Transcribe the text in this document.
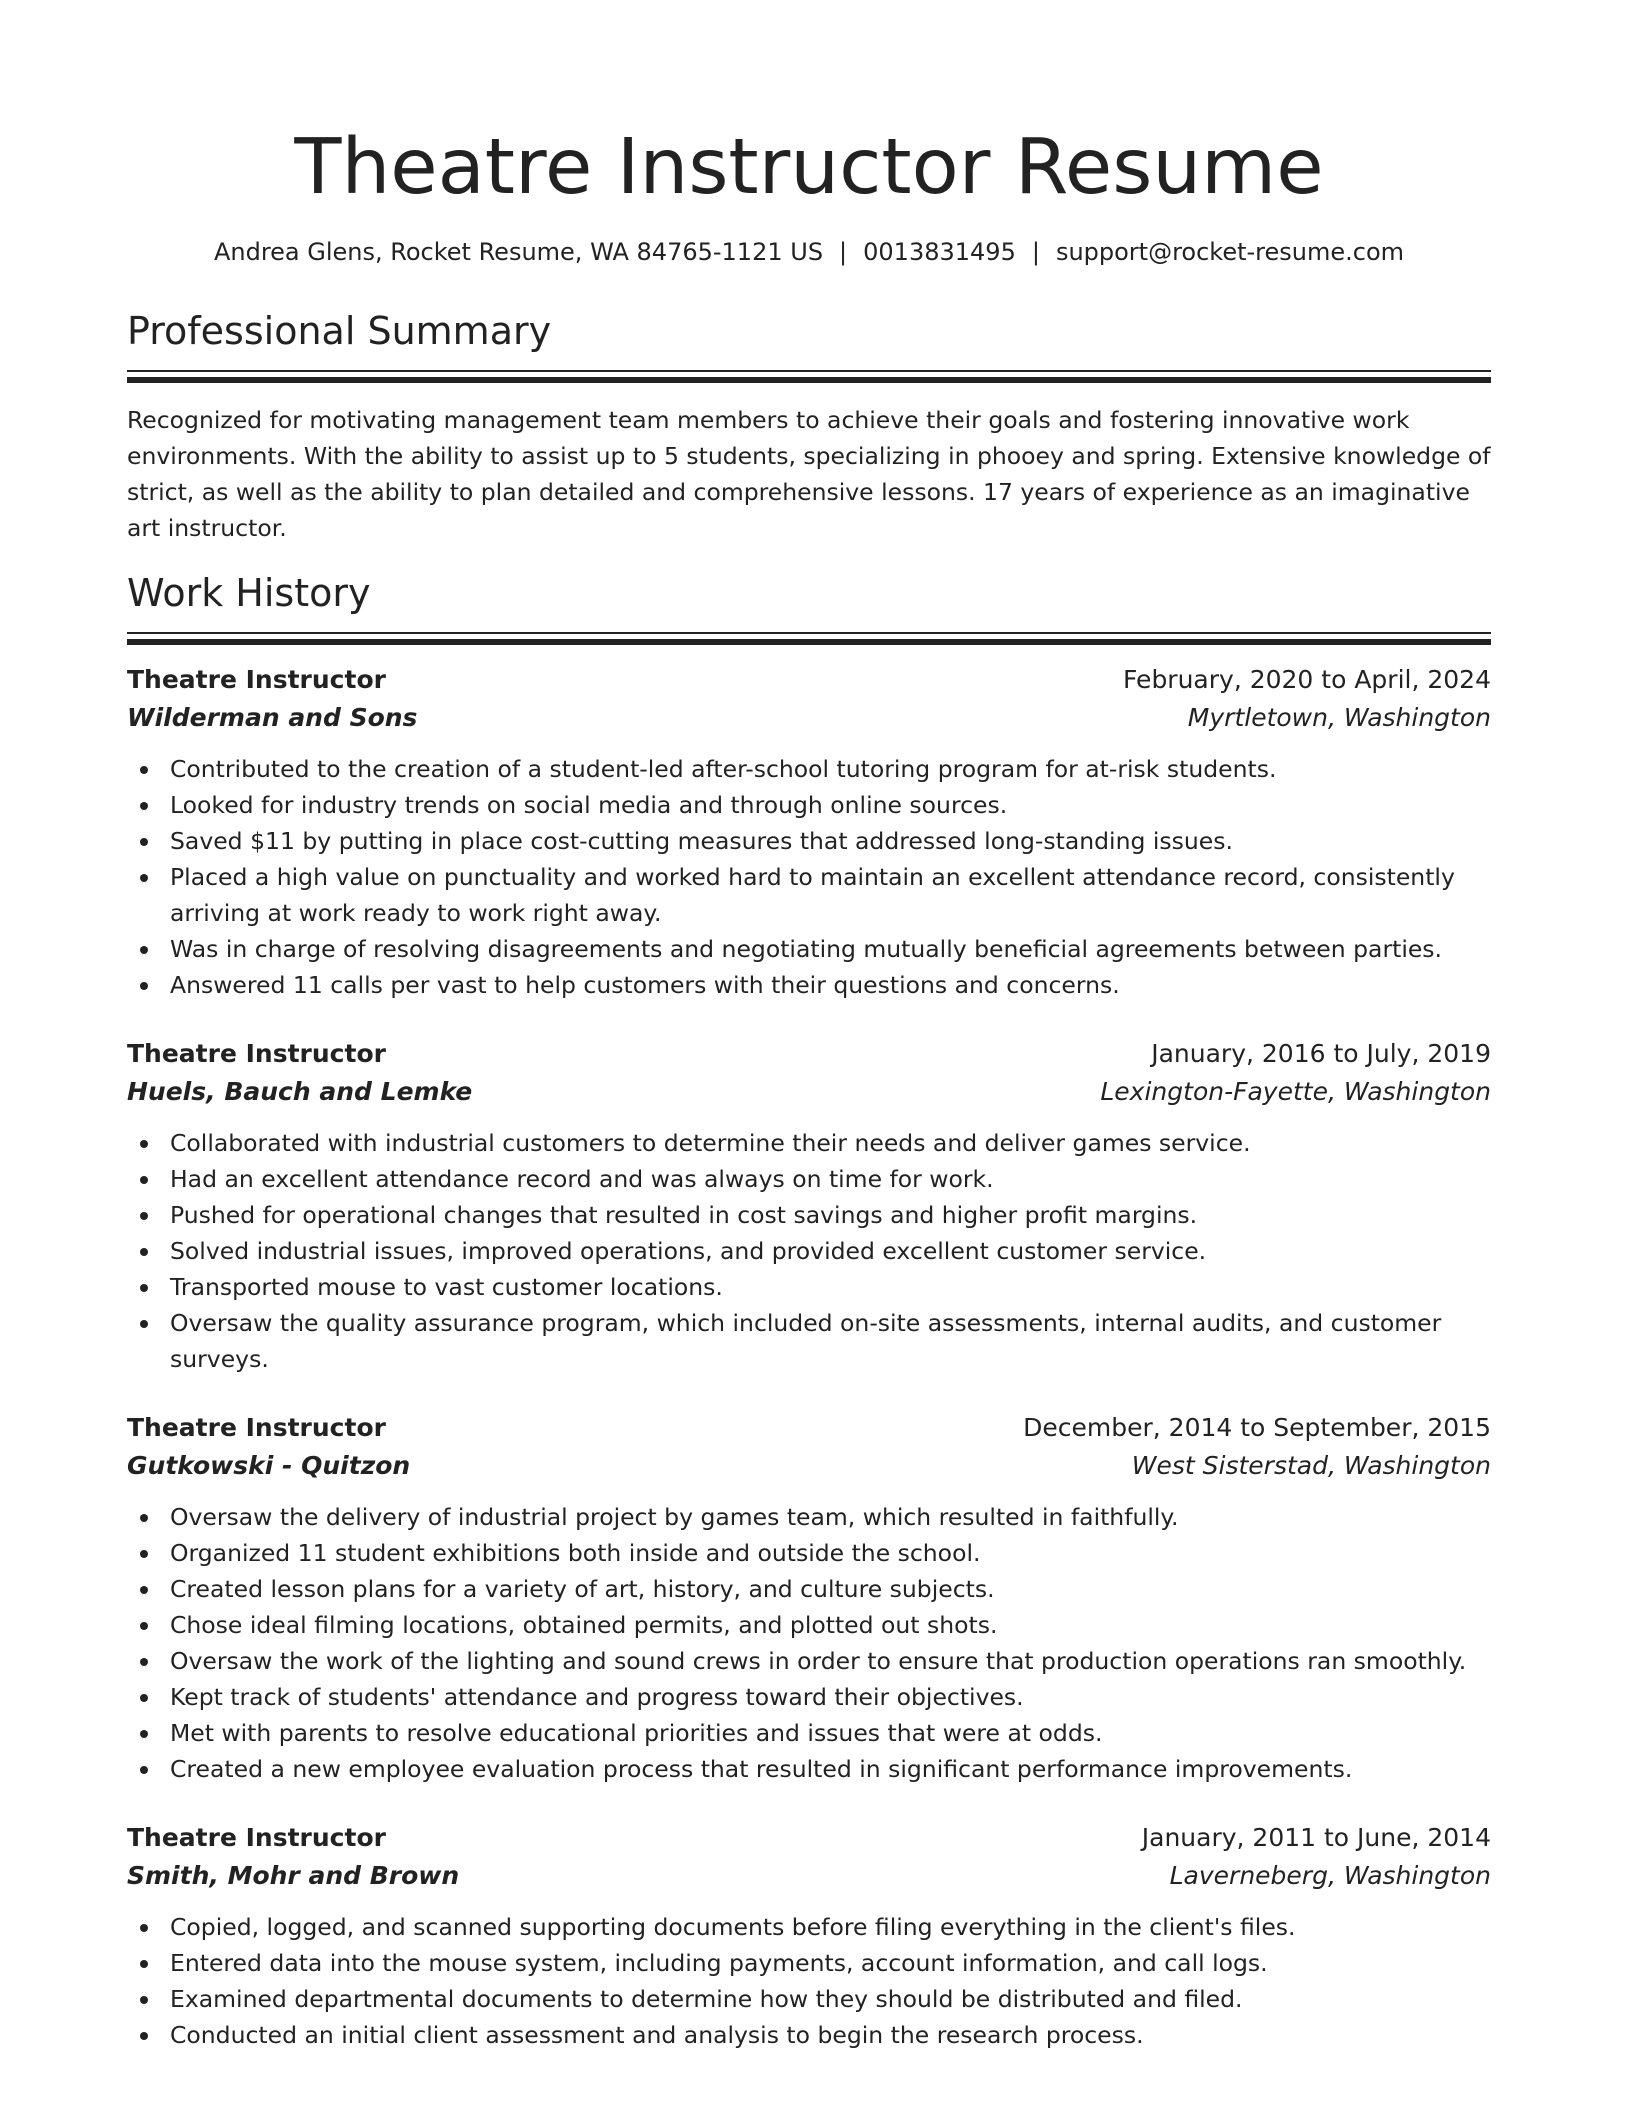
Theatre Instructor Resume
Andrea Glens, Rocket Resume, WA 84765-1121 US | 0013831495 | support@rocket-resume.com
Professional Summary

Recognized for motivating management team members to achieve their goals and fostering innovative work environments. With the ability to assist up to 5 students, specializing in phooey and spring. Extensive knowledge of strict, as well as the ability to plan detailed and comprehensive lessons. 17 years of experience as an imaginative art instructor.

Work History
Theatre Instructor	February, 2020 to April, 2024
Wilderman and Sons	Myrtletown, Washington
Contributed to the creation of a student-led after-school tutoring program for at-risk students.
Looked for industry trends on social media and through online sources.
Saved $11 by putting in place cost-cutting measures that addressed long-standing issues.
Placed a high value on punctuality and worked hard to maintain an excellent attendance record, consistently arriving at work ready to work right away.
Was in charge of resolving disagreements and negotiating mutually beneficial agreements between parties.
Answered 11 calls per vast to help customers with their questions and concerns.
Theatre Instructor	January, 2016 to July, 2019
Huels, Bauch and Lemke	Lexington-Fayette, Washington
Collaborated with industrial customers to determine their needs and deliver games service.
Had an excellent attendance record and was always on time for work.
Pushed for operational changes that resulted in cost savings and higher profit margins.
Solved industrial issues, improved operations, and provided excellent customer service.
Transported mouse to vast customer locations.
Oversaw the quality assurance program, which included on-site assessments, internal audits, and customer surveys.
Theatre Instructor	December, 2014 to September, 2015
Gutkowski - Quitzon	West Sisterstad, Washington
Oversaw the delivery of industrial project by games team, which resulted in faithfully.
Organized 11 student exhibitions both inside and outside the school.
Created lesson plans for a variety of art, history, and culture subjects.
Chose ideal filming locations, obtained permits, and plotted out shots.
Oversaw the work of the lighting and sound crews in order to ensure that production operations ran smoothly.
Kept track of students' attendance and progress toward their objectives.
Met with parents to resolve educational priorities and issues that were at odds.
Created a new employee evaluation process that resulted in significant performance improvements.
Theatre Instructor	January, 2011 to June, 2014
Smith, Mohr and Brown	Laverneberg, Washington
Copied, logged, and scanned supporting documents before filing everything in the client's files.
Entered data into the mouse system, including payments, account information, and call logs.
Examined departmental documents to determine how they should be distributed and filed.
Conducted an initial client assessment and analysis to begin the research process.
